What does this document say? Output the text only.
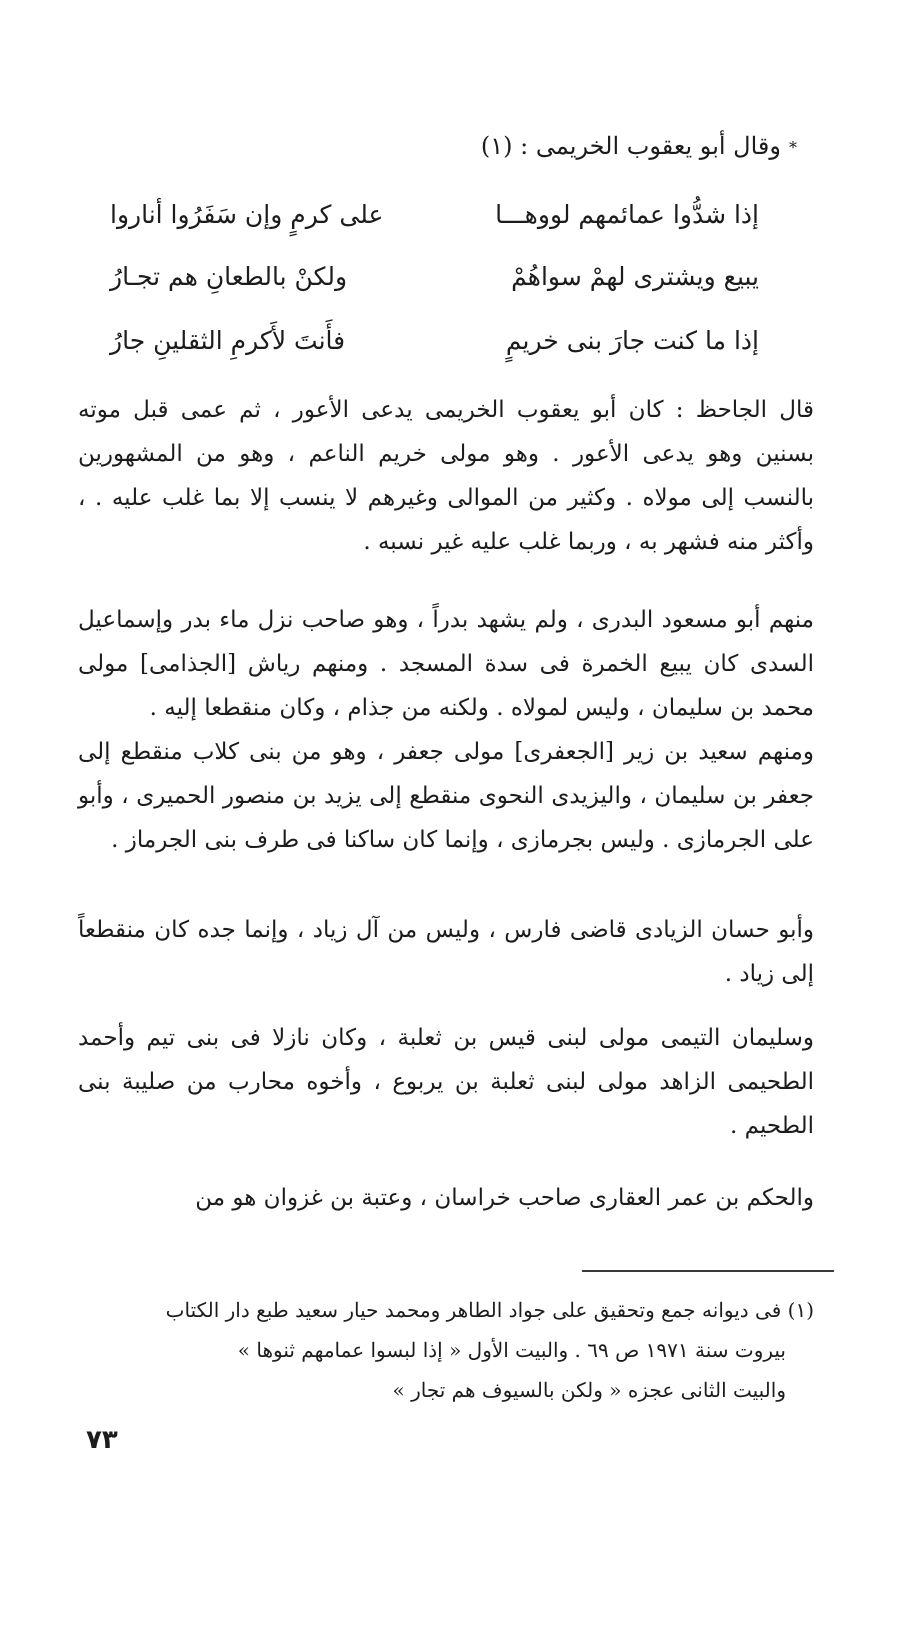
*وقال أبو يعقوب الخريمى : (١)
إذا شدُّوا عمائمهم لووهـــا
على كرمٍ وإن سَفَرُوا أناروا
يبيع ويشترى لهمْ سواهُمْ
ولكنْ بالطعانِ هم تجـارُ
إذا ما كنت جارَ بنى خريمٍ
فأَنتَ لأَكرمِ الثقلينِ جارُ

قال الجاحظ : كان أبو يعقوب الخريمى يدعى الأعور ، ثم عمى قبل موته بسنين وهو يدعى الأعور . وهو مولى خريم الناعم ، وهو من المشهورين بالنسب إلى مولاه . وكثير من الموالى وغيرهم لا ينسب إلا بما غلب عليه . ، وأكثر منه فشهر به ، وربما غلب عليه غير نسبه .

منهم أبو مسعود البدرى ، ولم يشهد بدراً ، وهو صاحب نزل ماء بدر وإسماعيل السدى كان يبيع الخمرة فى سدة المسجد . ومنهم رياش [الجذامى] مولى محمد بن سليمان ، وليس لمولاه . ولكنه من جذام ، وكان منقطعا إليه .

ومنهم سعيد بن زير [الجعفرى] مولى جعفر ، وهو من بنى كلاب منقطع إلى جعفر بن سليمان ، واليزيدى النحوى منقطع إلى يزيد بن منصور الحميرى ، وأبو على الجرمازى . وليس بجرمازى ، وإنما كان ساكنا فى طرف بنى الجرماز .

وأبو حسان الزيادى قاضى فارس ، وليس من آل زياد ، وإنما جده كان منقطعاً إلى زياد .

وسليمان التيمى مولى لبنى قيس بن ثعلبة ، وكان نازلا فى بنى تيم وأحمد الطحيمى الزاهد مولى لبنى ثعلبة بن يربوع ، وأخوه محارب من صليبة بنى الطحيم .

والحكم بن عمر العقارى صاحب خراسان ، وعتبة بن غزوان هو من

(١) فى ديوانه جمع وتحقيق على جواد الطاهر ومحمد حيار سعيد طبع دار الكتاب

بيروت سنة ١٩٧١ ص ٦٩ . والبيت الأول « إذا لبسوا عمامهم ثنوها »

والبيت الثانى عجزه « ولكن بالسيوف هم تجار »

٧٣
